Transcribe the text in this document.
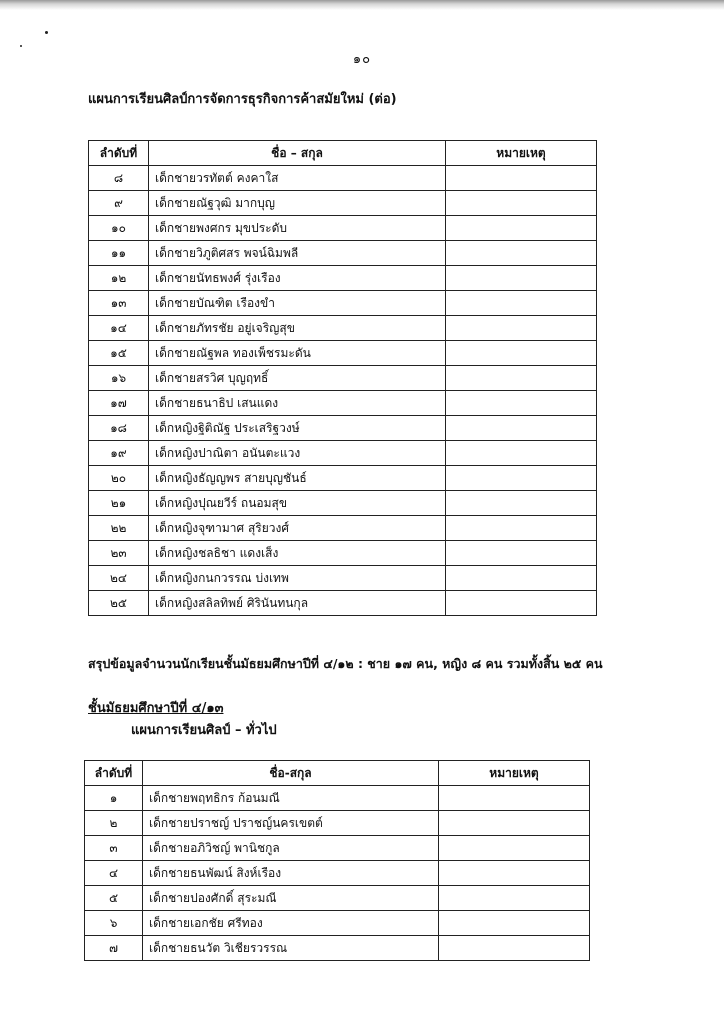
๑๐
แผนการเรียนศิลป์การจัดการธุรกิจการค้าสมัยใหม่ (ต่อ)
ลำดับที่	ชื่อ – สกุล	หมายเหตุ
๘	เด็กชายวรทัตต์ คงคาใส	
๙	เด็กชายณัฐวุฒิ มากบุญ	
๑๐	เด็กชายพงศกร มุขประดับ	
๑๑	เด็กชายวิภูติศสร พจน์ฉิมพลี	
๑๒	เด็กชายนัทธพงศ์ รุ่งเรือง	
๑๓	เด็กชายบัณฑิต เรืองขำ	
๑๔	เด็กชายภัทรชัย อยู่เจริญสุข	
๑๕	เด็กชายณัฐพล ทองเพ็ชรมะดัน	
๑๖	เด็กชายสรวิศ บุญฤทธิ์	
๑๗	เด็กชายธนาธิป เสนแดง	
๑๘	เด็กหญิงฐิติณัฐ ประเสริฐวงษ์	
๑๙	เด็กหญิงปาณิตา อนันตะแวง	
๒๐	เด็กหญิงธัญญพร สายบุญชันธ์	
๒๑	เด็กหญิงปุณยวีร์ ถนอมสุข	
๒๒	เด็กหญิงจุฑามาศ สุริยวงศ์	
๒๓	เด็กหญิงชลธิชา แดงเส็ง	
๒๔	เด็กหญิงกนกวรรณ บ่งเทพ	
๒๕	เด็กหญิงสลิลทิพย์ ศิรินันทนกุล	
สรุปข้อมูลจำนวนนักเรียนชั้นมัธยมศึกษาปีที่ ๔/๑๒ : ชาย ๑๗ คน, หญิง ๘ คน รวมทั้งสิ้น ๒๕ คน
ชั้นมัธยมศึกษาปีที่ ๔/๑๓
แผนการเรียนศิลป์ – ทั่วไป
ลำดับที่	ชื่อ-สกุล	หมายเหตุ
๑	เด็กชายพฤทธิกร ก้อนมณี	
๒	เด็กชายปราชญ์ ปราชญ์นครเขตต์	
๓	เด็กชายอภิวิชญ์ พานิชกูล	
๔	เด็กชายธนพัฒน์ สิงห์เรือง	
๕	เด็กชายปองศักดิ์ สุระมณี	
๖	เด็กชายเอกชัย ศรีทอง	
๗	เด็กชายธนวัต วิเชียรวรรณ	
